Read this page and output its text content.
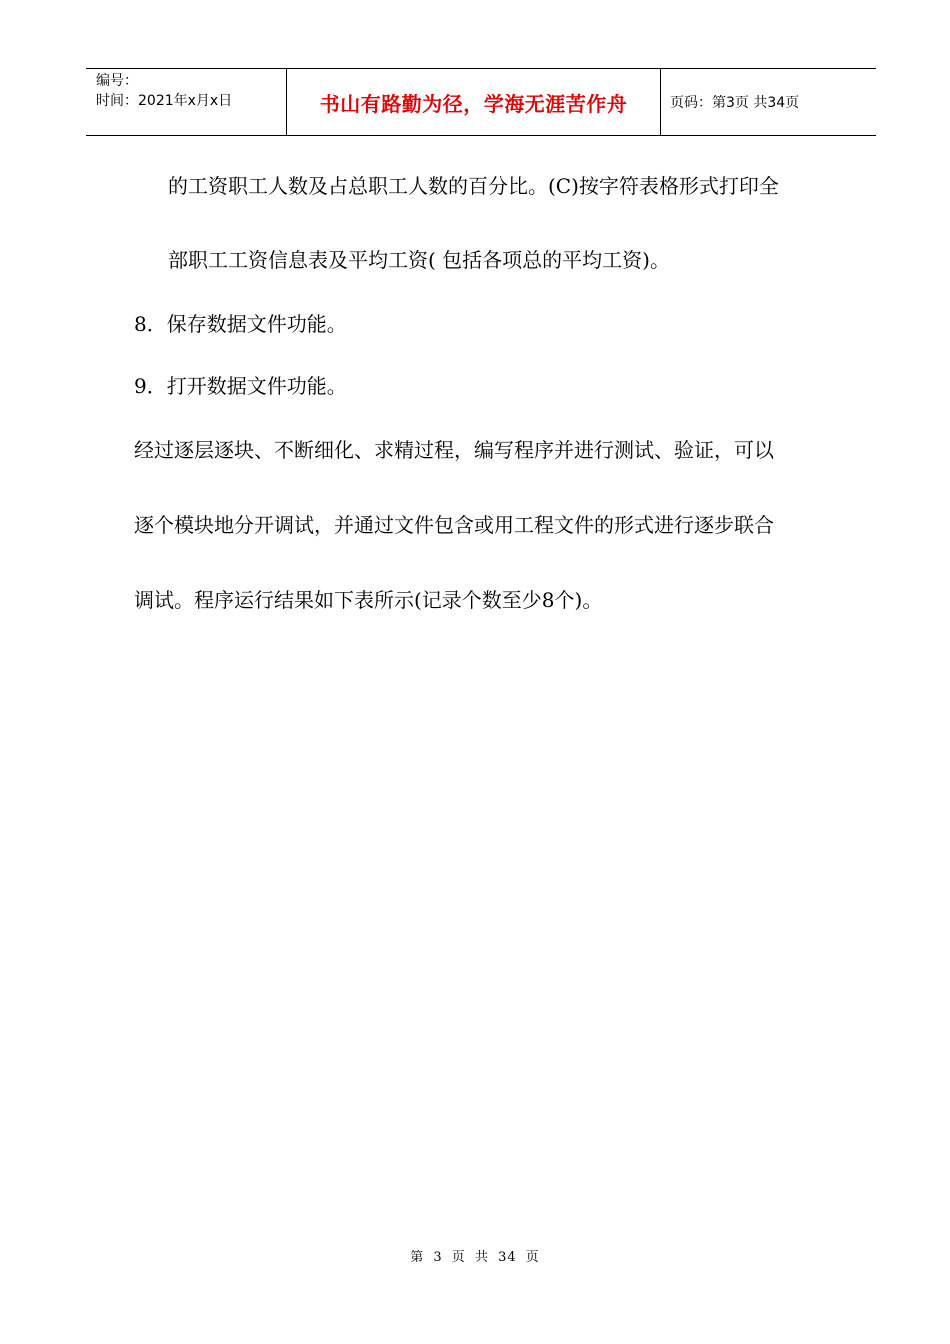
编号：
时间：2021年x月x日	书山有路勤为径，学海无涯苦作舟	页码：第3页 共34页
的工资职工人数及占总职工人数的百分比。(C)按字符表格形式打印全
部职工工资信息表及平均工资( 包括各项总的平均工资)。
8．保存数据文件功能。
9．打开数据文件功能。
经过逐层逐块、不断细化、求精过程，编写程序并进行测试、验证，可以
逐个模块地分开调试，并通过文件包含或用工程文件的形式进行逐步联合
调试。程序运行结果如下表所示(记录个数至少8个)。
第 3 页 共 34 页
